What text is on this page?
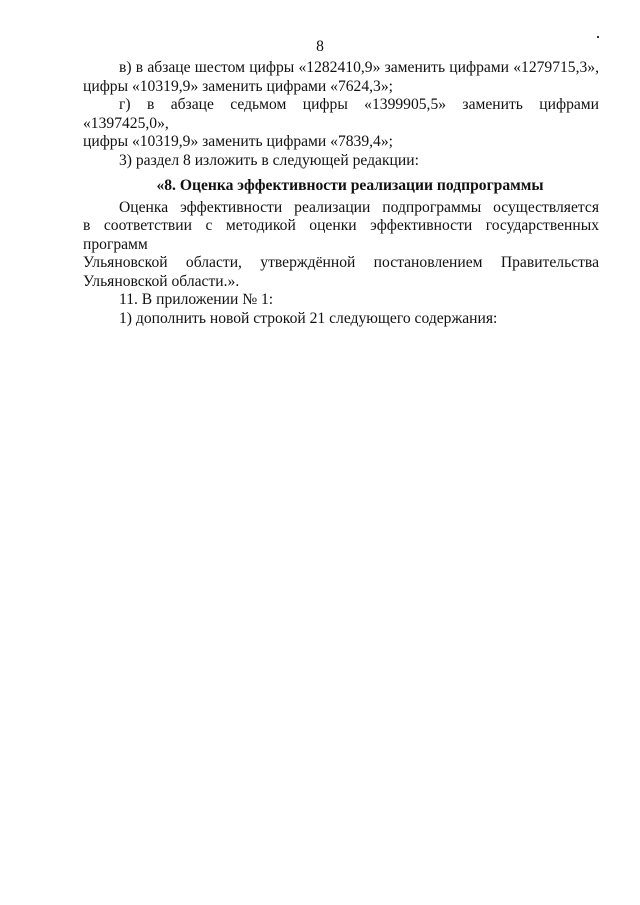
8

в) в абзаце шестом цифры «1282410,9» заменить цифрами «1279715,3»,

цифры «10319,9» заменить цифрами «7624,3»;

г) в абзаце седьмом цифры «1399905,5» заменить цифрами «1397425,0»,

цифры «10319,9» заменить цифрами «7839,4»;

3) раздел 8 изложить в следующей редакции:

«8. Оценка эффективности реализации подпрограммы

Оценка эффективности реализации подпрограммы осуществляется

в соответствии с методикой оценки эффективности государственных программ

Ульяновской области, утверждённой постановлением Правительства

Ульяновской области.».

11. В приложении № 1:

1) дополнить новой строкой 21 следующего содержания:
